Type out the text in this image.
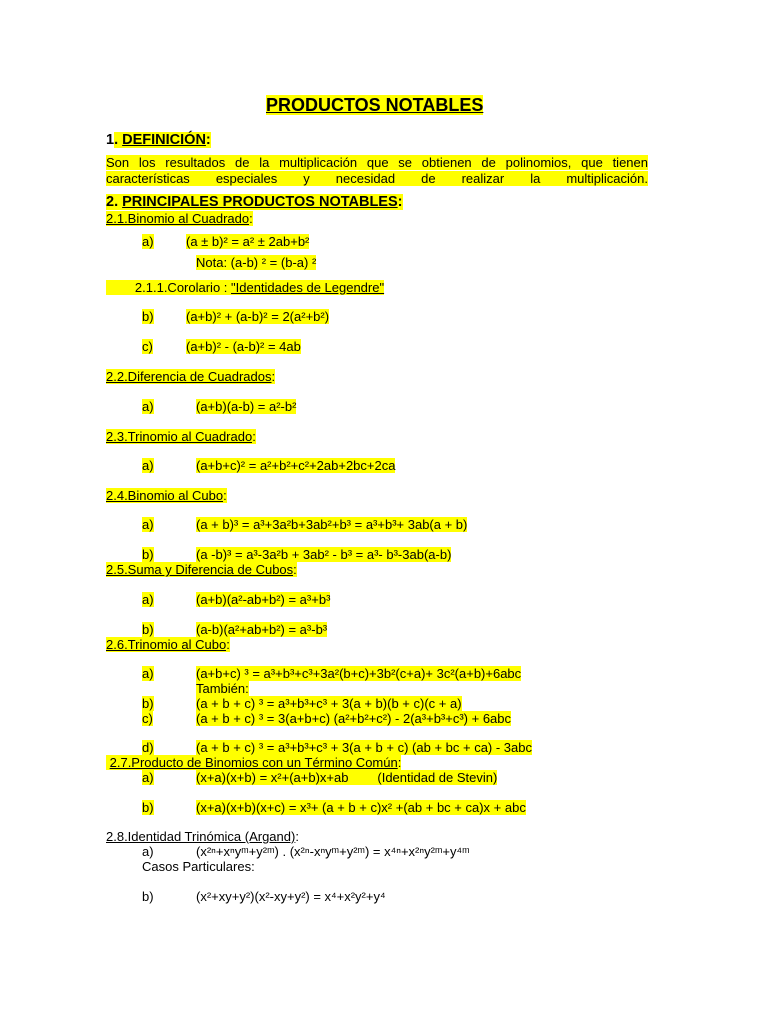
PRODUCTOS NOTABLES
1. DEFINICIÓN:
Son los resultados de la multiplicación que se obtienen de polinomios, que tienen características especiales y necesidad de realizar la multiplicación.
2. PRINCIPALES PRODUCTOS NOTABLES:
2.1.Binomio al Cuadrado:
a) (a ± b)² = a² ± 2ab+b²
Nota: (a-b) ² = (b-a) ²
2.1.1.Corolario : "Identidades de Legendre"
b) (a+b)² + (a-b)² = 2(a²+b²)
c)	(a+b)² - (a-b)² = 4ab
2.2.Diferencia de Cuadrados:
a)	(a+b)(a-b) = a²-b²
2.3.Trinomio al Cuadrado:
a)	(a+b+c)² = a²+b²+c²+2ab+2bc+2ca
2.4.Binomio al Cubo:
a)	(a + b)³ = a³+3a²b+3ab²+b³ = a³+b³+ 3ab(a + b)
b)	(a -b)³ = a³-3a²b + 3ab² - b³ = a³- b³-3ab(a-b)
2.5.Suma y Diferencia de Cubos:
a)	(a+b)(a²-ab+b²) = a³+b³
b)	(a-b)(a²+ab+b²) = a³-b³
2.6.Trinomio al Cubo:
a)	(a+b+c) ³ = a³+b³+c³+3a²(b+c)+3b²(c+a)+ 3c²(a+b)+6abc
También:
b)	(a + b + c) ³ = a³+b³+c³ + 3(a + b)(b + c)(c + a)
c)	(a + b + c) ³ = 3(a+b+c) (a²+b²+c²) - 2(a³+b³+c³) + 6abc
d)	(a + b + c) ³ = a³+b³+c³ + 3(a + b + c) (ab + bc + ca) - 3abc
2.7.Producto de Binomios con un Término Común:
a)	(x+a)(x+b) = x²+(a+b)x+ab (Identidad de Stevin)
b)	(x+a)(x+b)(x+c) = x³+ (a + b + c)x² +(ab + bc + ca)x + abc
2.8.Identidad Trinómica (Argand):
a)	(x²ⁿ+xⁿyᵐ+y²ᵐ) . (x²ⁿ-xⁿyᵐ+y²ᵐ) = x⁴ⁿ+x²ⁿy²ᵐ+y⁴ᵐ
Casos Particulares:
b)	(x²+xy+y²)(x²-xy+y²) = x⁴+x²y²+y⁴
